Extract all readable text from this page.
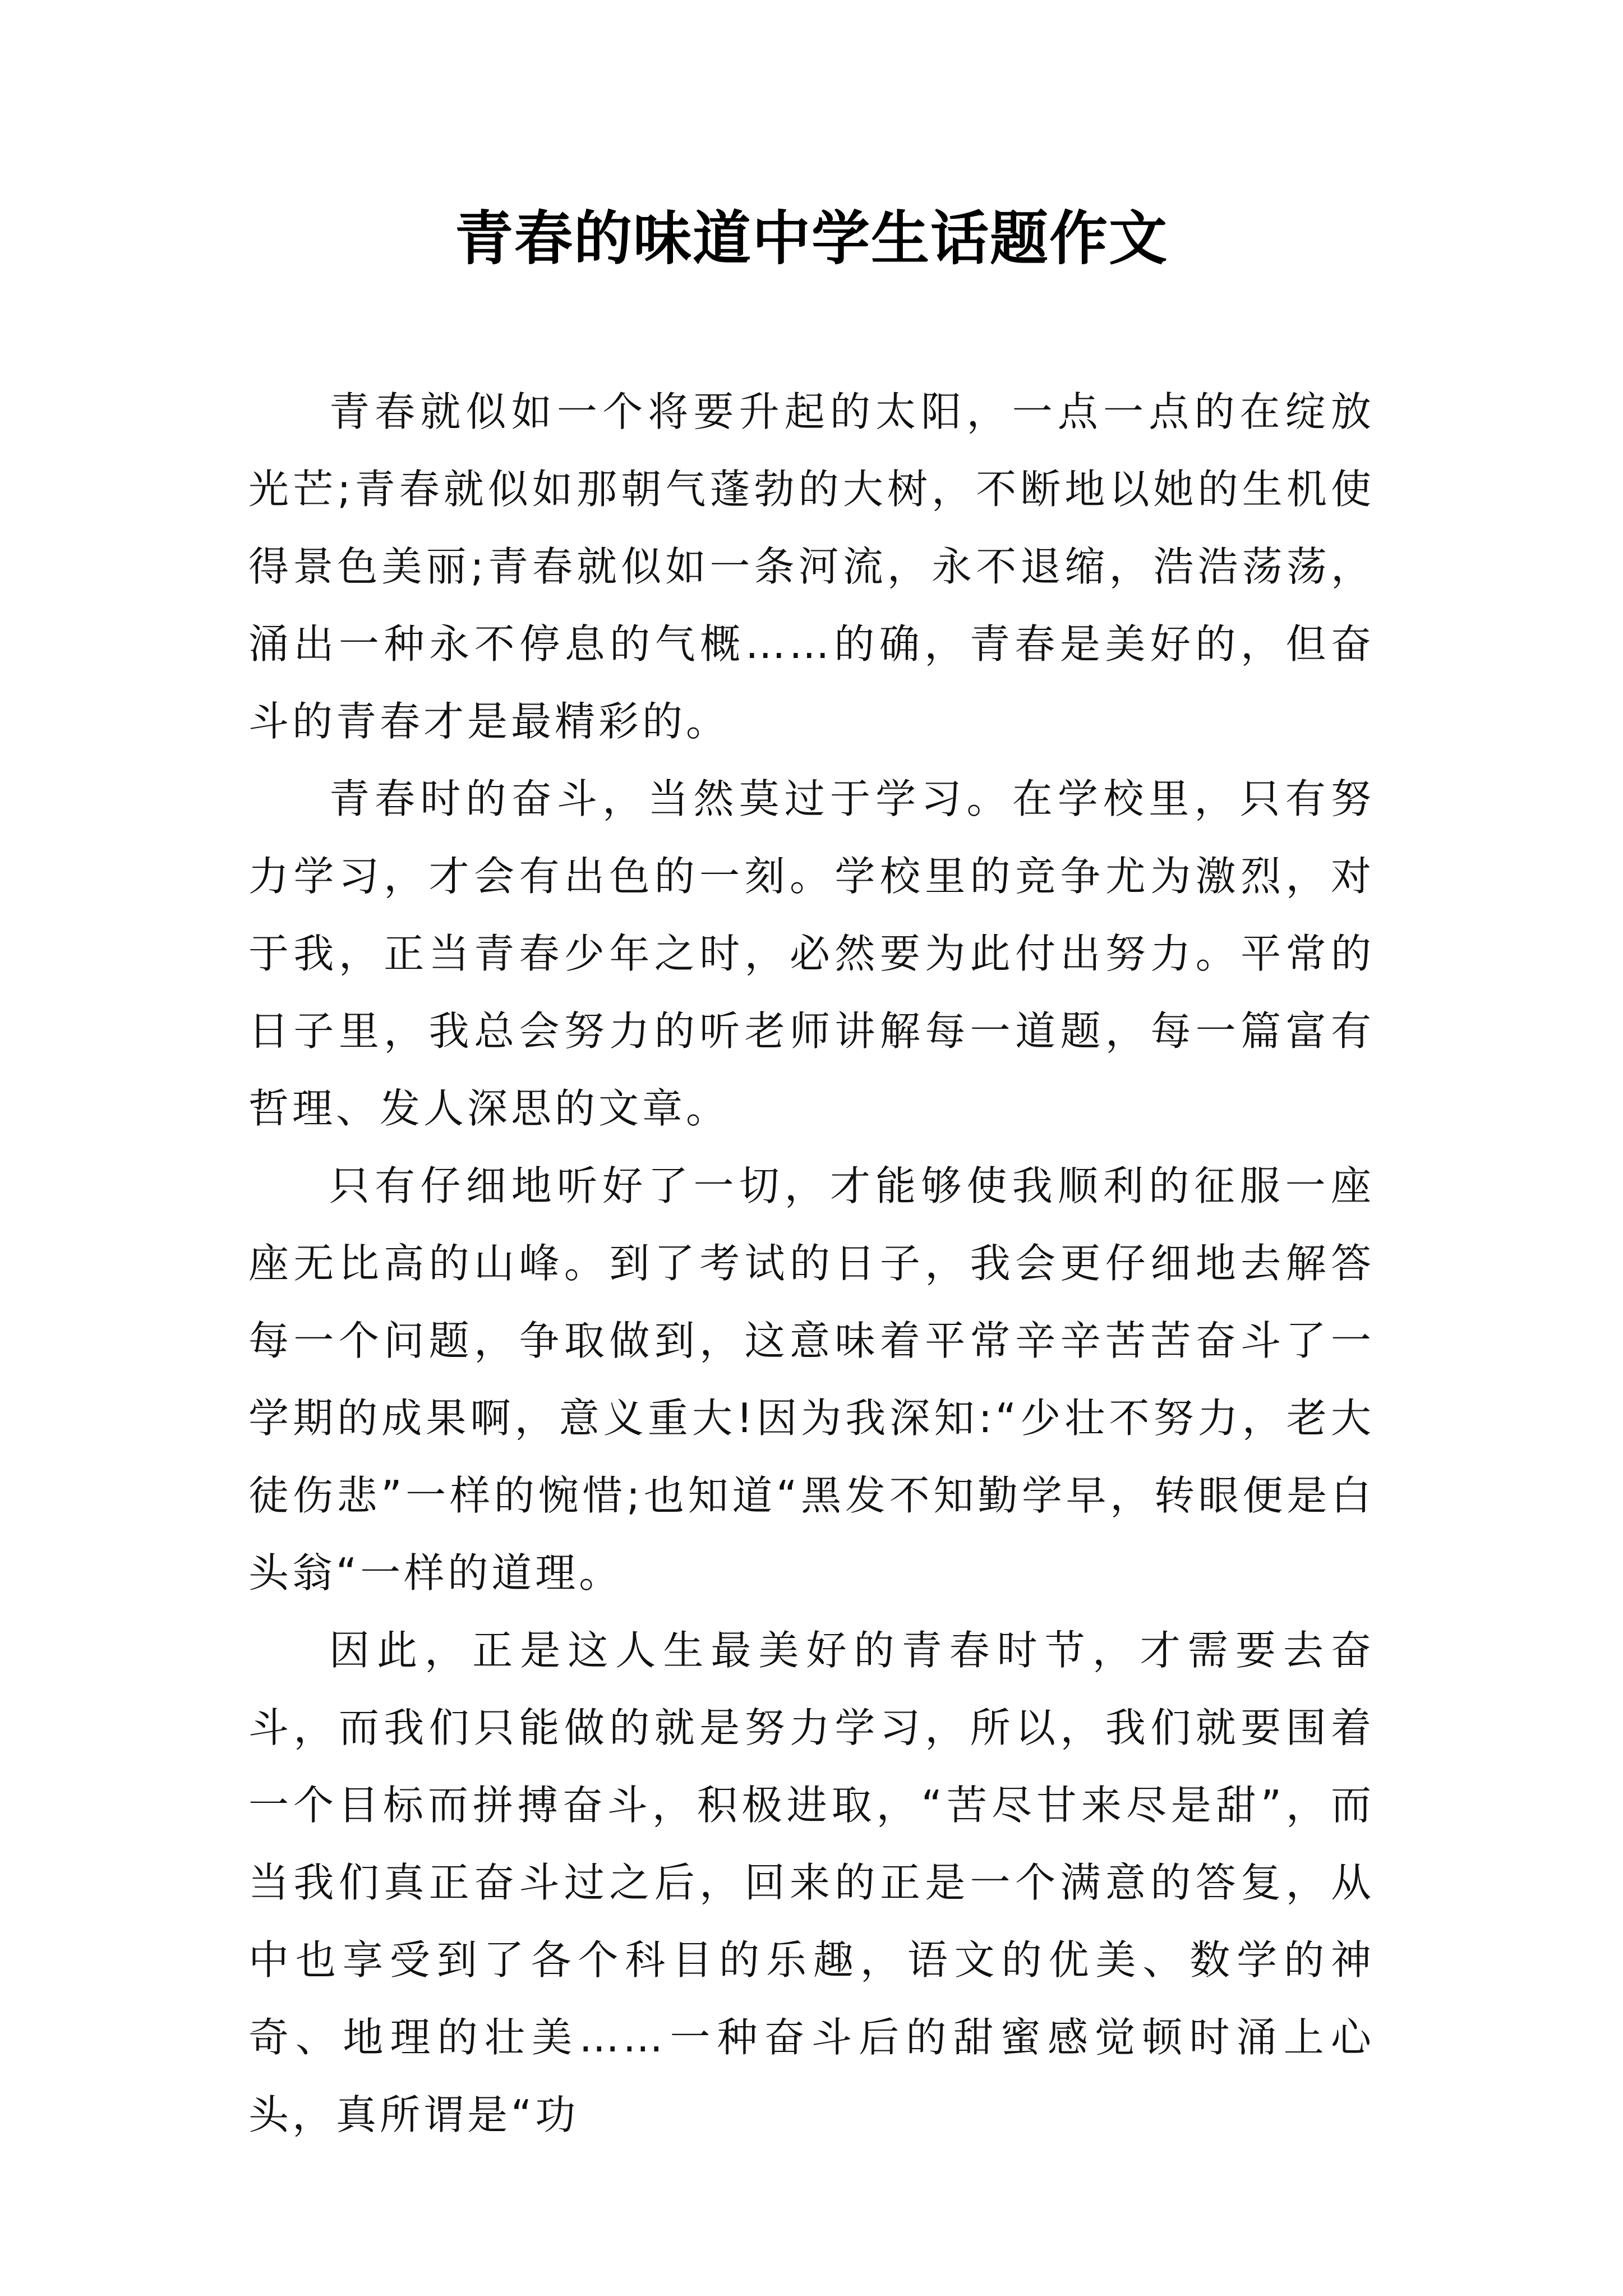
青春的味道中学生话题作文

青春就似如一个将要升起的太阳，一点一点的在绽放光芒;青春就似如那朝气蓬勃的大树，不断地以她的生机使得景色美丽;青春就似如一条河流，永不退缩，浩浩荡荡，涌出一种永不停息的气概……的确，青春是美好的，但奋斗的青春才是最精彩的。

青春时的奋斗，当然莫过于学习。在学校里，只有努力学习，才会有出色的一刻。学校里的竞争尤为激烈，对于我，正当青春少年之时，必然要为此付出努力。平常的日子里，我总会努力的听老师讲解每一道题，每一篇富有哲理、发人深思的文章。

只有仔细地听好了一切，才能够使我顺利的征服一座座无比高的山峰。到了考试的日子，我会更仔细地去解答每一个问题，争取做到，这意味着平常辛辛苦苦奋斗了一学期的成果啊，意义重大!因为我深知:“少壮不努力，老大徒伤悲”一样的惋惜;也知道“黑发不知勤学早，转眼便是白头翁“一样的道理。

因此，正是这人生最美好的青春时节，才需要去奋斗，而我们只能做的就是努力学习，所以，我们就要围着一个目标而拼搏奋斗，积极进取，“苦尽甘来尽是甜”，而当我们真正奋斗过之后，回来的正是一个满意的答复，从中也享受到了各个科目的乐趣，语文的优美、数学的神奇、地理的壮美……一种奋斗后的甜蜜感觉顿时涌上心头，真所谓是“功
